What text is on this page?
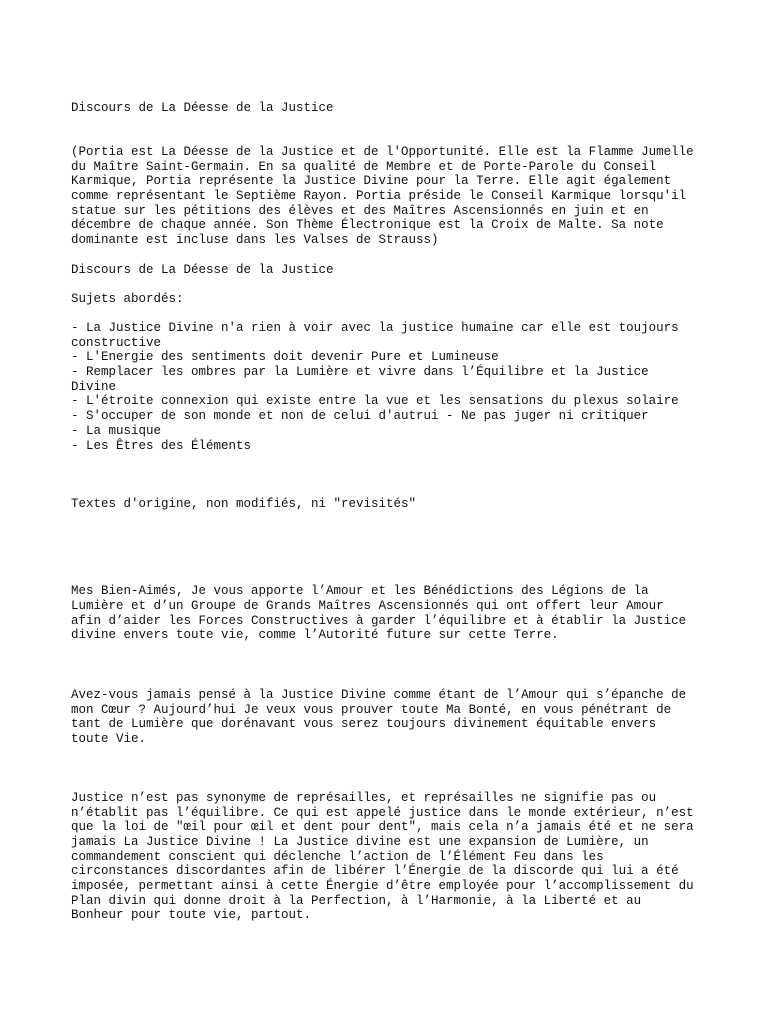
Discours de La Déesse de la Justice

(Portia est La Déesse de la Justice et de l'Opportunité. Elle est la Flamme Jumelle

du Maître Saint-Germain. En sa qualité de Membre et de Porte-Parole du Conseil

Karmique, Portia représente la Justice Divine pour la Terre. Elle agit également

comme représentant le Septième Rayon. Portia préside le Conseil Karmique lorsqu'il

statue sur les pétitions des élèves et des Maîtres Ascensionnés en juin et en

décembre de chaque année. Son Thème Électronique est la Croix de Malte. Sa note

dominante est incluse dans les Valses de Strauss)

Discours de La Déesse de la Justice

Sujets abordés:

- La Justice Divine n'a rien à voir avec la justice humaine car elle est toujours

constructive

- L'Energie des sentiments doit devenir Pure et Lumineuse

- Remplacer les ombres par la Lumière et vivre dans l’Équilibre et la Justice

Divine

- L'étroite connexion qui existe entre la vue et les sensations du plexus solaire

- S'occuper de son monde et non de celui d'autrui - Ne pas juger ni critiquer

- La musique

- Les Êtres des Éléments

Textes d'origine, non modifiés, ni "revisités"

Mes Bien-Aimés, Je vous apporte l’Amour et les Bénédictions des Légions de la

Lumière et d’un Groupe de Grands Maîtres Ascensionnés qui ont offert leur Amour

afin d’aider les Forces Constructives à garder l’équilibre et à établir la Justice

divine envers toute vie, comme l’Autorité future sur cette Terre.

Avez-vous jamais pensé à la Justice Divine comme étant de l’Amour qui s’épanche de

mon Cœur ? Aujourd’hui Je veux vous prouver toute Ma Bonté, en vous pénétrant de

tant de Lumière que dorénavant vous serez toujours divinement équitable envers

toute Vie.

Justice n’est pas synonyme de représailles, et représailles ne signifie pas ou

n’établit pas l’équilibre. Ce qui est appelé justice dans le monde extérieur, n’est

que la loi de "œil pour œil et dent pour dent", mais cela n’a jamais été et ne sera

jamais La Justice Divine ! La Justice divine est une expansion de Lumière, un

commandement conscient qui déclenche l’action de l’Élément Feu dans les

circonstances discordantes afin de libérer l’Énergie de la discorde qui lui a été

imposée, permettant ainsi à cette Énergie d’être employée pour l’accomplissement du

Plan divin qui donne droit à la Perfection, à l’Harmonie, à la Liberté et au

Bonheur pour toute vie, partout.
